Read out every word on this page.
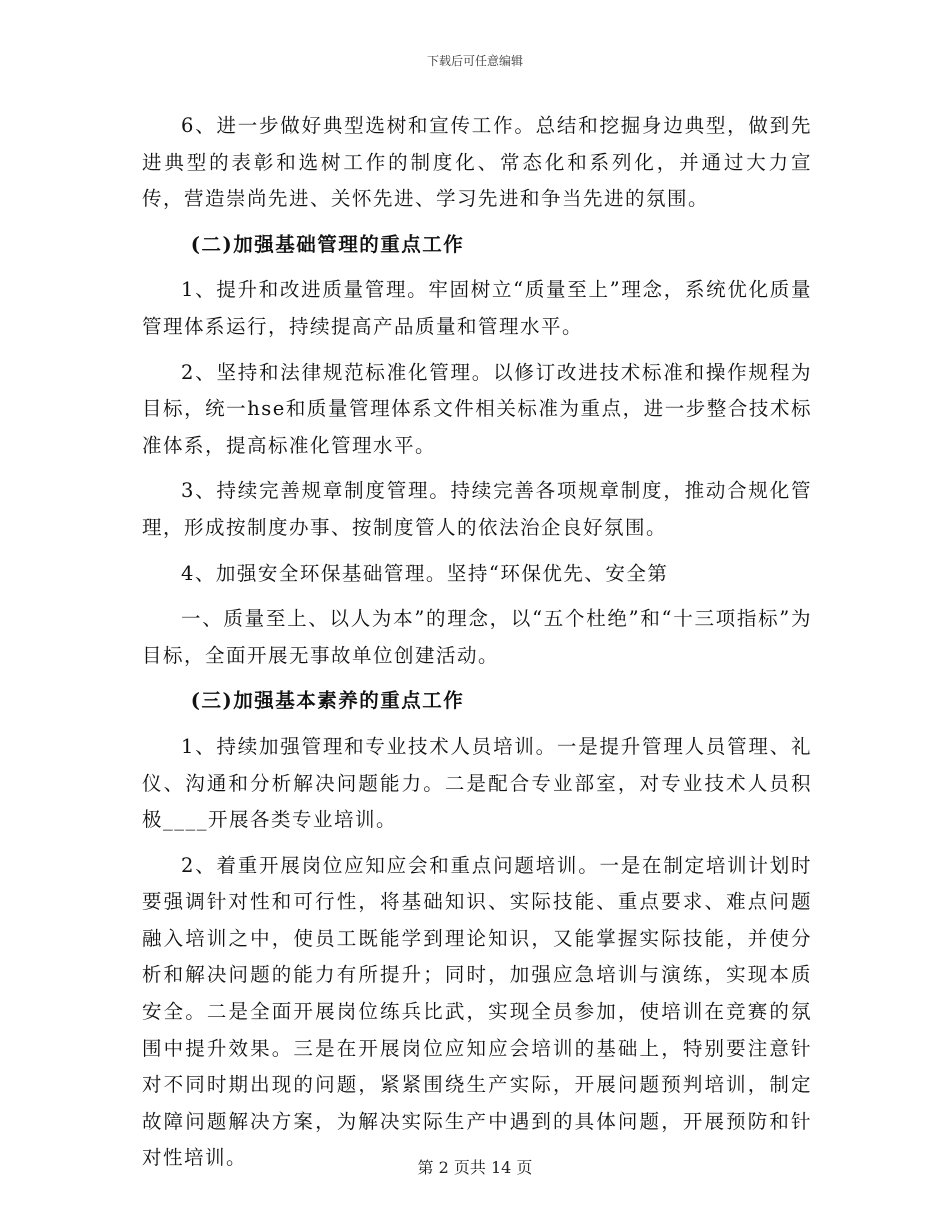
下载后可任意编辑

6、进一步做好典型选树和宣传工作。总结和挖掘身边典型，做到先进典型的表彰和选树工作的制度化、常态化和系列化，并通过大力宣传，营造崇尚先进、关怀先进、学习先进和争当先进的氛围。

(二)加强基础管理的重点工作

1、提升和改进质量管理。牢固树立“质量至上”理念，系统优化质量管理体系运行，持续提高产品质量和管理水平。

2、坚持和法律规范标准化管理。以修订改进技术标准和操作规程为目标，统一hse和质量管理体系文件相关标准为重点，进一步整合技术标准体系，提高标准化管理水平。

3、持续完善规章制度管理。持续完善各项规章制度，推动合规化管理，形成按制度办事、按制度管人的依法治企良好氛围。

4、加强安全环保基础管理。坚持“环保优先、安全第

一、质量至上、以人为本”的理念，以“五个杜绝”和“十三项指标”为目标，全面开展无事故单位创建活动。

(三)加强基本素养的重点工作

1、持续加强管理和专业技术人员培训。一是提升管理人员管理、礼仪、沟通和分析解决问题能力。二是配合专业部室，对专业技术人员积极____开展各类专业培训。

2、着重开展岗位应知应会和重点问题培训。一是在制定培训计划时要强调针对性和可行性，将基础知识、实际技能、重点要求、难点问题融入培训之中，使员工既能学到理论知识，又能掌握实际技能，并使分析和解决问题的能力有所提升；同时，加强应急培训与演练，实现本质安全。二是全面开展岗位练兵比武，实现全员参加，使培训在竞赛的氛围中提升效果。三是在开展岗位应知应会培训的基础上，特别要注意针对不同时期出现的问题，紧紧围绕生产实际，开展问题预判培训，制定故障问题解决方案，为解决实际生产中遇到的具体问题，开展预防和针对性培训。	第 2 页共 14 页
